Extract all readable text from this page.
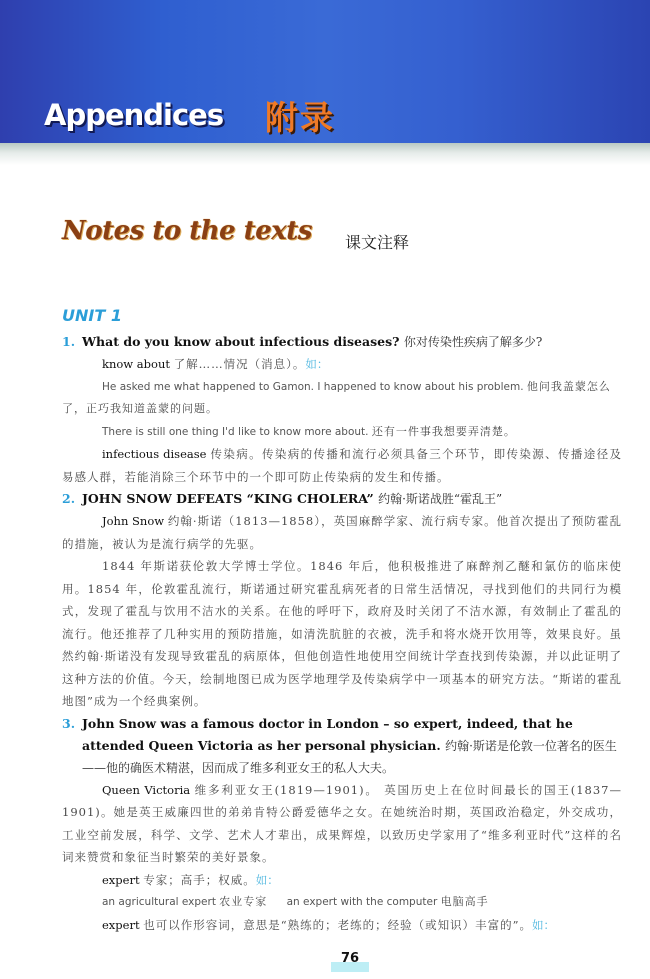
Appendices 附录
Notes to the texts 课文注释
UNIT 1
1. What do you know about infectious diseases? 你对传染性疾病了解多少?
know about 了解……情况（消息）。如：
He asked me what happened to Gamon. I happened to know about his problem. 他问我盖蒙怎么了，正巧我知道盖蒙的问题。
There is still one thing I'd like to know more about. 还有一件事我想要弄清楚。
infectious disease 传染病。传染病的传播和流行必须具备三个环节，即传染源、传播途径及易感人群，若能消除三个环节中的一个即可防止传染病的发生和传播。
2. JOHN SNOW DEFEATS “KING CHOLERA” 约翰·斯诺战胜“霍乱王”
John Snow 约翰·斯诺（1813—1858），英国麻醉学家、流行病专家。他首次提出了预防霍乱的措施，被认为是流行病学的先驱。
1844 年斯诺获伦敦大学博士学位。1846 年后，他积极推进了麻醉剂乙醚和氯仿的临床使用。1854 年，伦敦霍乱流行，斯诺通过研究霍乱病死者的日常生活情况，寻找到他们的共同行为模式，发现了霍乱与饮用不洁水的关系。在他的呼吁下，政府及时关闭了不洁水源，有效制止了霍乱的流行。他还推荐了几种实用的预防措施，如清洗肮脏的衣被，洗手和将水烧开饮用等，效果良好。虽然约翰·斯诺没有发现导致霍乱的病原体，但他创造性地使用空间统计学查找到传染源，并以此证明了这种方法的价值。今天，绘制地图已成为医学地理学及传染病学中一项基本的研究方法。“斯诺的霍乱地图”成为一个经典案例。
3. John Snow was a famous doctor in London – so expert, indeed, that he attended Queen Victoria as her personal physician. 约翰·斯诺是伦敦一位著名的医生——他的确医术精湛，因而成了维多利亚女王的私人大夫。
Queen Victoria 维多利亚女王(1819—1901)。 英国历史上在位时间最长的国王(1837—1901)。她是英王威廉四世的弟弟肯特公爵爱德华之女。在她统治时期，英国政治稳定，外交成功，工业空前发展，科学、文学、艺术人才辈出，成果辉煌，以致历史学家用了“维多利亚时代”这样的名词来赞赏和象征当时繁荣的美好景象。
expert 专家；高手；权威。如：
an agricultural expert 农业专家 an expert with the computer 电脑高手
expert 也可以作形容词，意思是“熟练的；老练的；经验（或知识）丰富的”。如：
76
